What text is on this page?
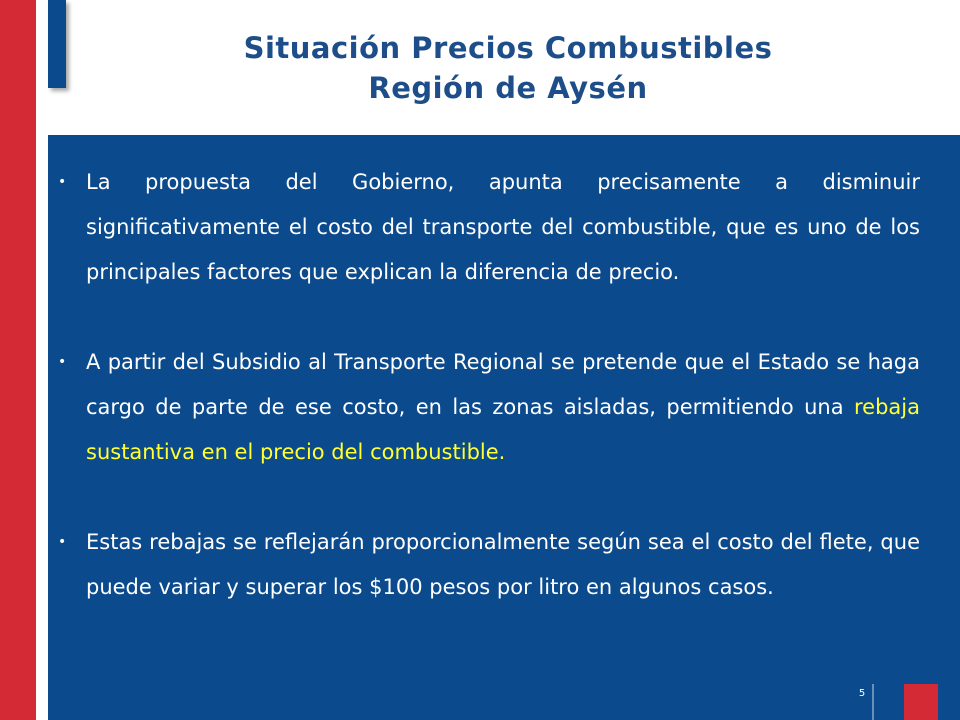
Situación Precios Combustibles
Región de Aysén
• La propuesta del Gobierno, apunta precisamente a disminuir significativamente el costo del transporte del combustible, que es uno de los principales factores que explican la diferencia de precio.
• A partir del Subsidio al Transporte Regional se pretende que el Estado se haga cargo de parte de ese costo, en las zonas aisladas, permitiendo una rebaja sustantiva en el precio del combustible.
• Estas rebajas se reflejarán proporcionalmente según sea el costo del flete, que puede variar y superar los $100 pesos por litro en algunos casos.
5
